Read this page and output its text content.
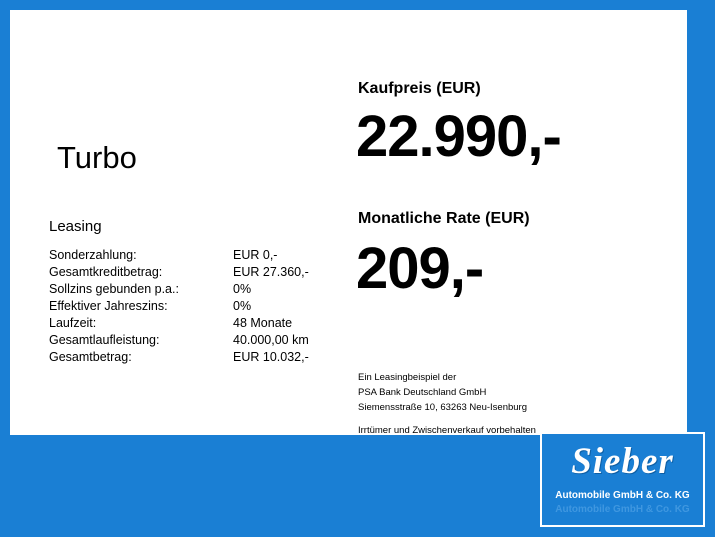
Turbo
Leasing
Sonderzahlung:	EUR 0,-
Gesamtkreditbetrag:	EUR 27.360,-
Sollzins gebunden p.a.:	0%
Effektiver Jahreszins:	0%
Laufzeit:	48 Monate
Gesamtlaufleistung:	40.000,00 km
Gesamtbetrag:	EUR 10.032,-
Kaufpreis (EUR)
22.990,-
Monatliche Rate (EUR)
209,-
Ein Leasingbeispiel der
PSA Bank Deutschland GmbH
Siemensstraße 10, 63263 Neu-Isenburg
Irrtümer und Zwischenverkauf vorbehalten
Sieber
Automobile GmbH & Co. KG
Automobile GmbH & Co. KG
